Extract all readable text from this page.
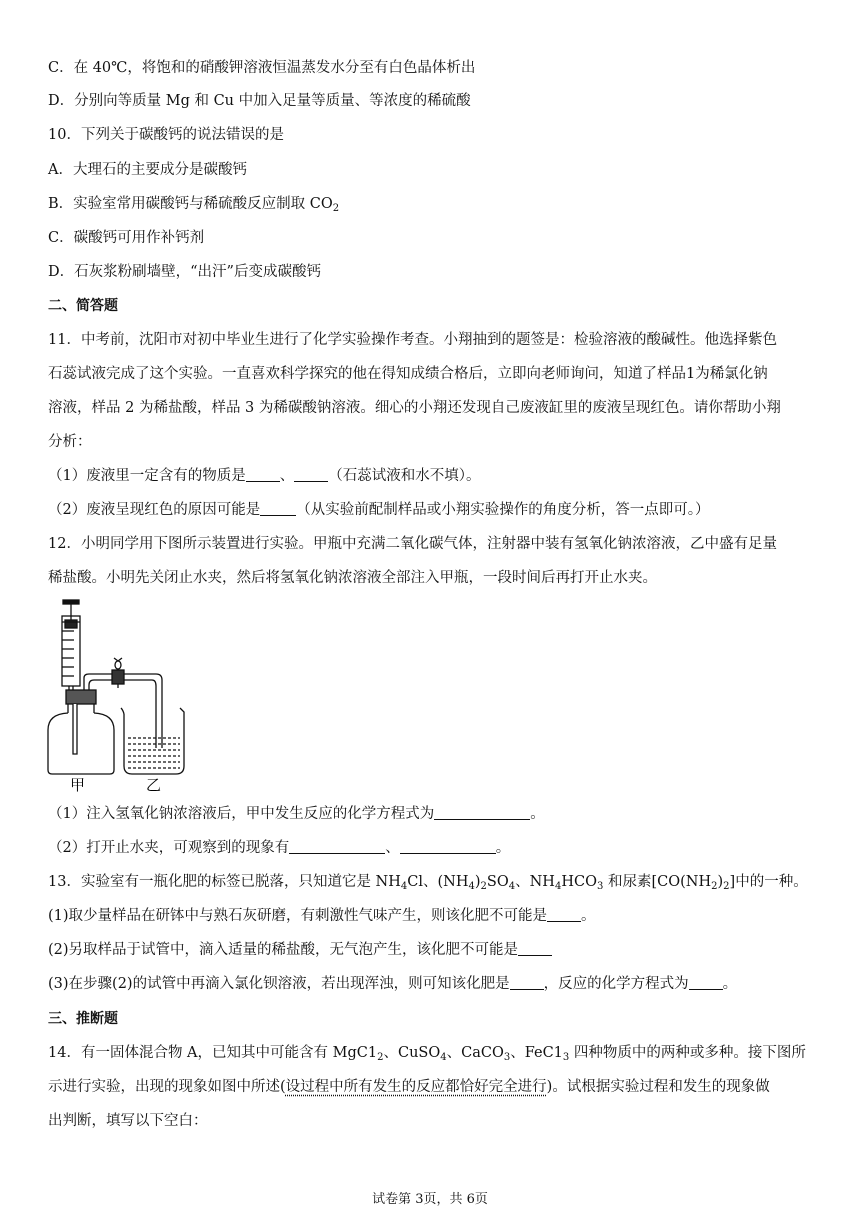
C．在 40℃，将饱和的硝酸钾溶液恒温蒸发水分至有白色晶体析出
D．分别向等质量 Mg 和 Cu 中加入足量等质量、等浓度的稀硫酸
10．下列关于碳酸钙的说法错误的是
A．大理石的主要成分是碳酸钙
B．实验室常用碳酸钙与稀硫酸反应制取 $CO_2$
C．碳酸钙可用作补钙剂
D．石灰浆粉刷墙壁，“出汗”后变成碳酸钙
二、简答题
11．中考前，沈阳市对初中毕业生进行了化学实验操作考查。小翔抽到的题签是：检验溶液的酸碱性。他选择紫色
石蕊试液完成了这个实验。一直喜欢科学探究的他在得知成绩合格后，立即向老师询问，知道了样品1为稀氯化钠
溶液，样品 2 为稀盐酸，样品 3 为稀碳酸钠溶液。细心的小翔还发现自己废液缸里的废液呈现红色。请你帮助小翔
分析：
（1）废液里一定含有的物质是 、 （石蕊试液和水不填）。
（2）废液呈现红色的原因可能是 （从实验前配制样品或小翔实验操作的角度分析，答一点即可。）
12．小明同学用下图所示装置进行实验。甲瓶中充满二氧化碳气体，注射器中装有氢氧化钠浓溶液，乙中盛有足量
稀盐酸。小明先关闭止水夹，然后将氢氧化钠浓溶液全部注入甲瓶，一段时间后再打开止水夹。
甲	乙
（1）注入氢氧化钠浓溶液后，甲中发生反应的化学方程式为	。
（2）打开止水夹，可观察到的现象有	、	。
13．实验室有一瓶化肥的标签已脱落，只知道它是 $NH_4Cl$、$(NH_4)_2SO_4$、$NH_4HCO_3$ 和尿素$[CO(NH_2)_2]$中的一种。
(1)取少量样品在研钵中与熟石灰研磨，有刺激性气味产生，则该化肥不可能是 。
(2)另取样品于试管中，滴入适量的稀盐酸，无气泡产生，该化肥不可能是
(3)在步骤(2)的试管中再滴入氯化钡溶液，若出现浑浊，则可知该化肥是 ，反应的化学方程式为 。
三、推断题
14．有一固体混合物 A，已知其中可能含有 $MgC1_2$、CuSO$_4$、CaCO$_3$、$FeC1_3$ 四种物质中的两种或多种。接下图所
示进行实验，出现的现象如图中所述(设过程中所有发生的反应都恰好完全进行)。试根据实验过程和发生的现象做
出判断，填写以下空白：
试卷第 3页，共 6页
